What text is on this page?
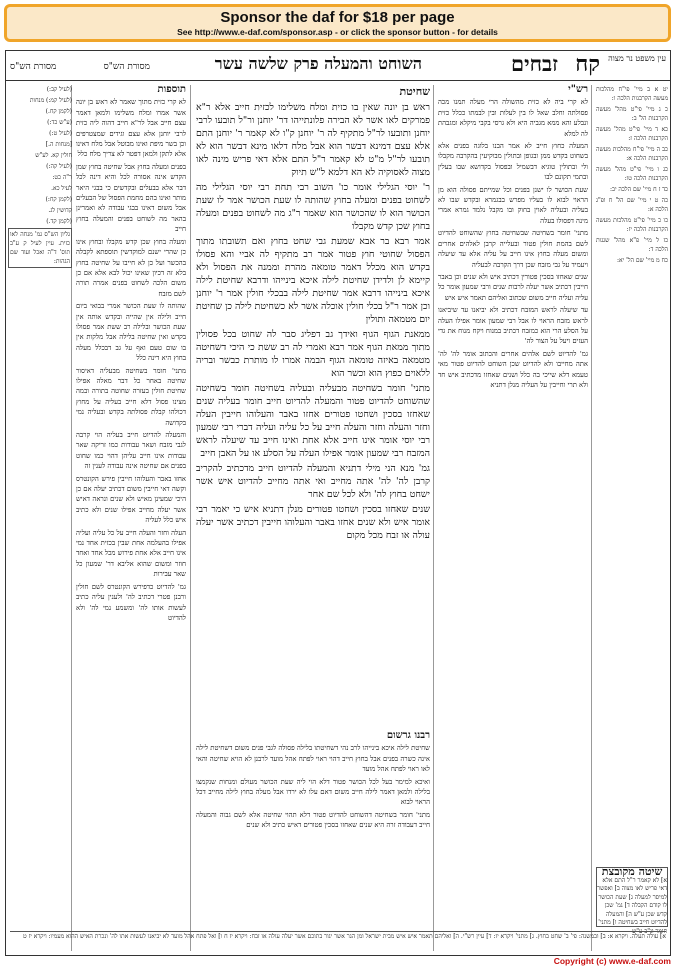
Sponsor the daf for $18 per page
See http://www.e-daf.com/sponsor.asp - or click the sponsor button - for details
עין משפט נר מצוה
קח
זבחים
השוחט והמעלה פרק שלשה עשר
מסורת הש"ס
מסורת הש"ס

יט א ב מיי' פי"ח מהלכות מעשה הקרבנות הלכה ו:

כ ג מיי' פי"ט מהל' מעשה הקרבנות הל' ב:

כא ד מיי' פי"ט מהל' מעשה הקרבנות הלכה ז:

כב ה מיי' פי"ח מהלכות מעשה הקרבנות הלכה א:

כג ו מיי' פי"ט מהל' מעשה הקרבנות הלכה טו:

כד ז ח מיי' שם הלכה יב:

כה ט י מיי' שם הל' ח ופ"ג הלכה א:

כו כ מיי' פי"ט מהלכות מעשה הקרבנות הלכה יז:

כז ל מיי' פ"א מהל' שגגות הלכה ד:

כח מ מיי' שם הל' יא:

שיטה מקובצת
א] לא קאמר ר"ל התם אלא דאי פריש לאו מצוה ב] ואפשר למיסר למעלה ג] שעת הכושר לו קודם הקבלה ד] גמ' שכן קדש שכן ע"ש ה] והמעלה להדיוט חייב בשחיטה ו] מתני' חומר ונ"ב ע"ש

רש"י

לא קרי ביה לא כזית מהשולה הרי מעלה תמנו מכה פסולתה וחלב שאל לו בין לעלות ובין לבמתו ככלל כזית ונבלע והא ממא מגביה היא ולא גרסי בקבי מיקלא ומגבהת לה למלא

המעלה כחוץ חייב לא אמר הבנו בלוגה בפנים אלא בשחוט בקדש ממן ובגופן ובתולין מבוקיעין בהקרבה מקבלו ולי ובתולין טוגיא דבשמיל ובפסול בקדושא שבו בעלין ובתמי תקונם לבו

שעת הכושר לו ישנן בפנים וכל שמייתם פסולה הוא מן הראוי לבוא לו בעליו מפרש בבגמרא ובקדש שבו לא בעליה ובעליה לאוין בחוק ובו מקבל נלמד גמרא אמרי מינה דפסולו בעלה

מתני' חומר בשחיטה שבשחיטה בחוץ שהשוחט להדיוט לשם בהמת חולין פטור ובעלייה קרבן לאלהים אחרים ומשום מעלה בחוץ אינו חייב על עליה אלא עד שיעלה ויעמיד על גבי מזבח שכן דרך הקרבה לבעליה

שנים שאחזו בסכין פטורין דכתיב איש ולא שנים וכן באבר חייבין דכתיב אשר יעלה לרבות שנים ורבי שמעון אומר כל עליה ועליה חייב משום שכתוב ואליהם תאמר איש איש

עד שיעלה לראש המזבח דכתיב ולא יביאנו עד שיביאנו לראש מזבח הראוי לו אבל רבי שמעון אומר אפילו העלה על הסלע הרי הוא כמזבח דכתיב במנוח ויקח מנוח את גדי העזים ויעל על הצור לה'

גמ' להדיוט לשם אלהים אחרים והכתוב אומר לה' לה' אתה מחייבו ולא להדיוט שכן השוחט להדיוט פטור מאי טעמא דלא שייכי בה כלל ושנים שאחזו מדכתיב איש חד ולא תרי וחייבין על העליה מנלן דתניא

שחיטת

ראש בן יונה שאין בו כזית ומלח משלימו לכזית חייב אלא ר"א פמרקים לאו אשר לא הבירה פלונתייהו דר' יוחנן ור"ל תובעו לרבי יוחנן ותובעו לר"ל מתקיף לה ר' יוחנן ק"ו לא קאמר ר' יוחנן התם אלא עצם דמינא דבשר הוא אבל מלח דלאו מינא דבשר הוא לא תובעו לר"ל מ"ט לא קאמר ר"ל התם אלא דאי פריש מינה לאו מצוה לאסוקיה לא הא דלמא ל"ש תיוק

ר' יוסי הגלילי אומר כו' השוב רבי תחת רבי יוסי הגלילי מה לשחוט בפנים ומעלה בחוץ שהותה לו שעת הכושר אמר לו שעת הכושר הוא לו שהכושר הוא שאמר ר"ג מה לשחוט בפנים ומעלה בחוץ שכן קדש מקבלו

אמר רבא בר אבא שמעת גבי שחט בחוץ ואם תשובתו מתוך הפסול שחוטי חוץ פטור אמר רב מתקיף לה אביי והא פסולו בקדש הוא מכלל דאמר טומאה מהרת וממנה את הפסול ולא קיימא לן ולדידן שחיטת לילה איכא בינייהו ודרבא שחיטת לילה איכא בינייהו דרבא אמר שחיטת לילה בבכלי חולין אמר ר' יוחנן וכן אמר ר"ל בכלי חולין אוכלה אשר לא כשחיטת לילה כן שחיטת יום מטמאה ותולין

ממאנת הגוף הגוף ואידך גב דפליג סבר לה שחוט בכל פסולין מתוך ממאת הגוף אמר רבא ואמרי לה רב ששת כי היכי דשחיטה מטמאה באיזה טומאה הגוף הבמה אמרו לו מותרת כבשר ובריה ללאוים כפוץ הוא וכשר הוא

מתני' חומר בשחיטה מבעליה ובעליה בשחיטה חומר בשחיטה שהשוחט להדיוט פטור והמעלה להדיוט חייב חומר בעליה שנים שאחזו בסכין ושחטו פטורים אחזו באבר והעלוהו חייבין העלה וחזר והעלה וחזר והעלה חייב על כל עליה ועליה דברי רבי שמעון רבי יוסי אומר אינו חייב אלא אחת ואינו חייב עד שיעלה לראש המזבח רבי שמעון אומר אפילו העלה על הסלע או על האבן חייב

גמ' מנא הני מילי דתניא והמעלה להדיוט חייב מדכתיב להקריב קרבן לה' לה' אתה מחייב ואי אתה מחייב להדיוט איש אשר ישחט בחוץ לה' ולא לכל שם אחר

שנים שאחזו בסכין ושחטו פטורים מנלן דתניא איש כי יאמר רבי אומר איש ולא שנים אחזו באבר והעלוהו חייבין דכתיב אשר יעלה עולה או זבח מכל מקום

רבנו גרשום

שחיטת לילה איכא בינייהו לרב נהי דשחיטתו בלילה פסולה לגבי פנים משום דשחיטת לילה אינה כשרה בפנים אבל בחוץ חייב דהוי ראוי לפתח אהל מועד לרבנן לא הויא שחיטה והאי לאו ראוי לפתח אהל מועד

ואיכא למימר בעל לכל הכושר פטור דלא הוי ליה שעת הכושר מעולם ומנחות שנקמצו בלילה ולמאן דאמר לילה חייב משום דאם עלו לא ירדו אבל מעלה בחוץ לילה מחייב דכל הראוי לבוא

מתני' חומר בשחיטה דהשוחט להדיוט פטור דלא תהוי שחיטה אלא לשם גבוה והמעלה חייב דעבודה זרה היא שנים שאחזו בסכין פטורים דאיש כתיב ולא שנים

תוספות

לא קרי כזית מתוך שאמר לא ראש בן יונה אשר אמרו ומלח משלימו ולמאן דאמר עצם חייב אבל לר"א חייב דהוה ליה כזית לרבי יוחנן אלא עצם וגידים שמצטרפים וכן בשר מיפת ואינו מבוטל אבל מלח דאינו אלא לתקן ולמאן דפטר לא צריך מלח כלל

בפנים ומעלה בחוץ אבל שחיטה בחוץ שמן הקדש אינה אסורה לכל והיא דינה לכל דבר אלא בבעלים ובקדשים כי בבגי היאר מותר ואינו בהם מחמת הפסול של הבעלים אבל משום דאינו בבגי עבודה לא ואמרינן בהאר מה לשוחט בפנים והמעלה בחוץ חייב

ומעלה בחוץ שכן קדש מקבלו ובחוץ אינו כן שהרי ישנם למוקדשין תוספתא לקבלה בהכשר ועל כן לא חייבו על שחיטה בחוץ בלא זה דכיון שאינו יכול לבא אלא אם כן משום הלכה לשחוט בפנים אמרה תורה לשם מזבח

שהותה לו שעת הכושר אמרי בבואי ביום חייב ולילה אין שהייה ובקדש אותה אין שעת הכושר ובלילה רב ששת אמר פסולו בקדש ואין שחיטה בלילה אבל מלקות אין בו שום טעם ואף על גב דבכלל מעלה בחוץ היא דינה כלל

מתני' חומר בשחיטה מבעליה דאיסור שחיטה באחר כל דבר מאלה אפילו שחיטת חולין בעזרה שחוטה בתורה ובמה מצינו פסול דלא חייב בעליה על מחוץ דכולהו קבלת פסולתה בקדש ובעליה נמי בקדושה

והמעלה להדיוט חייב בעליה הוי קרבה לגבי מזבח ושאר עבודות כמו זריקה שאר עבודות אינו חייב עליהן דהוי כמו שחוט בפנים אם שחיטה אינה עבודה לענין זה

אחזו באבר והעלוהו חייבין פירש הקונטרס וקשה דאי חייבין משום דכתיב יעלה אם כן היכי שמעינן מאיש ולא שנים ונראה דאיש אשר יעלה מחייב אפילו שנים ולא כתיב איש כלל לעליה

העלה וחזר והעלה חייב על כל עליה ועליה אפילו בהעלמה אחת שבין בכזית אחד נמי אינו חייב אלא אחת פירוש מכל אחד ואחד חוזר ומשום שהוא אליבא דר' שמעון כל שאר עבירות

גמ' להדיוט כדפירש הקונטרס לשם חולין ורבנן פטרי דכתיב לה' ולענין עליה כתיב לעשות אותו לה' ומשמע נמי לה' ולא להדיוט

(לעיל קב:)

(לעיל קמ:) מנחות

(לקמן קח.)

(ע"ש כד:)

(לעיל ט:)

[מנחות ה.]

חולין קא. לע"ש

(לעיל קה:)

ר"ה כט:

לעיל כא.

(לקמן קח:)

קדושין לג.

(לקמן קד.)

גליון הש"ס גמ' מנחה לאו כזית. עיין לעיל ק ע"ב תוס' ד"ה ואכל ועוד שם הגהות:

א] עולה תעלה. ויקרא א: ב] ובמשנה: פי' ב' שחט בחוץ. ג] מתני' ויקרא יז: ד] עיין רש"י. ה] ואליהם תאמר איש איש מבית ישראל ומן הגר אשר יגור בתוכם אשר יעלה עולה או זבח: ויקרא יז ח ו] ואל פתח אהל מועד לא יביאנו לעשות אתו לה' ונכרת האיש ההוא מעמיו: ויקרא יז ט
Copyright (c) www.e-daf.com
